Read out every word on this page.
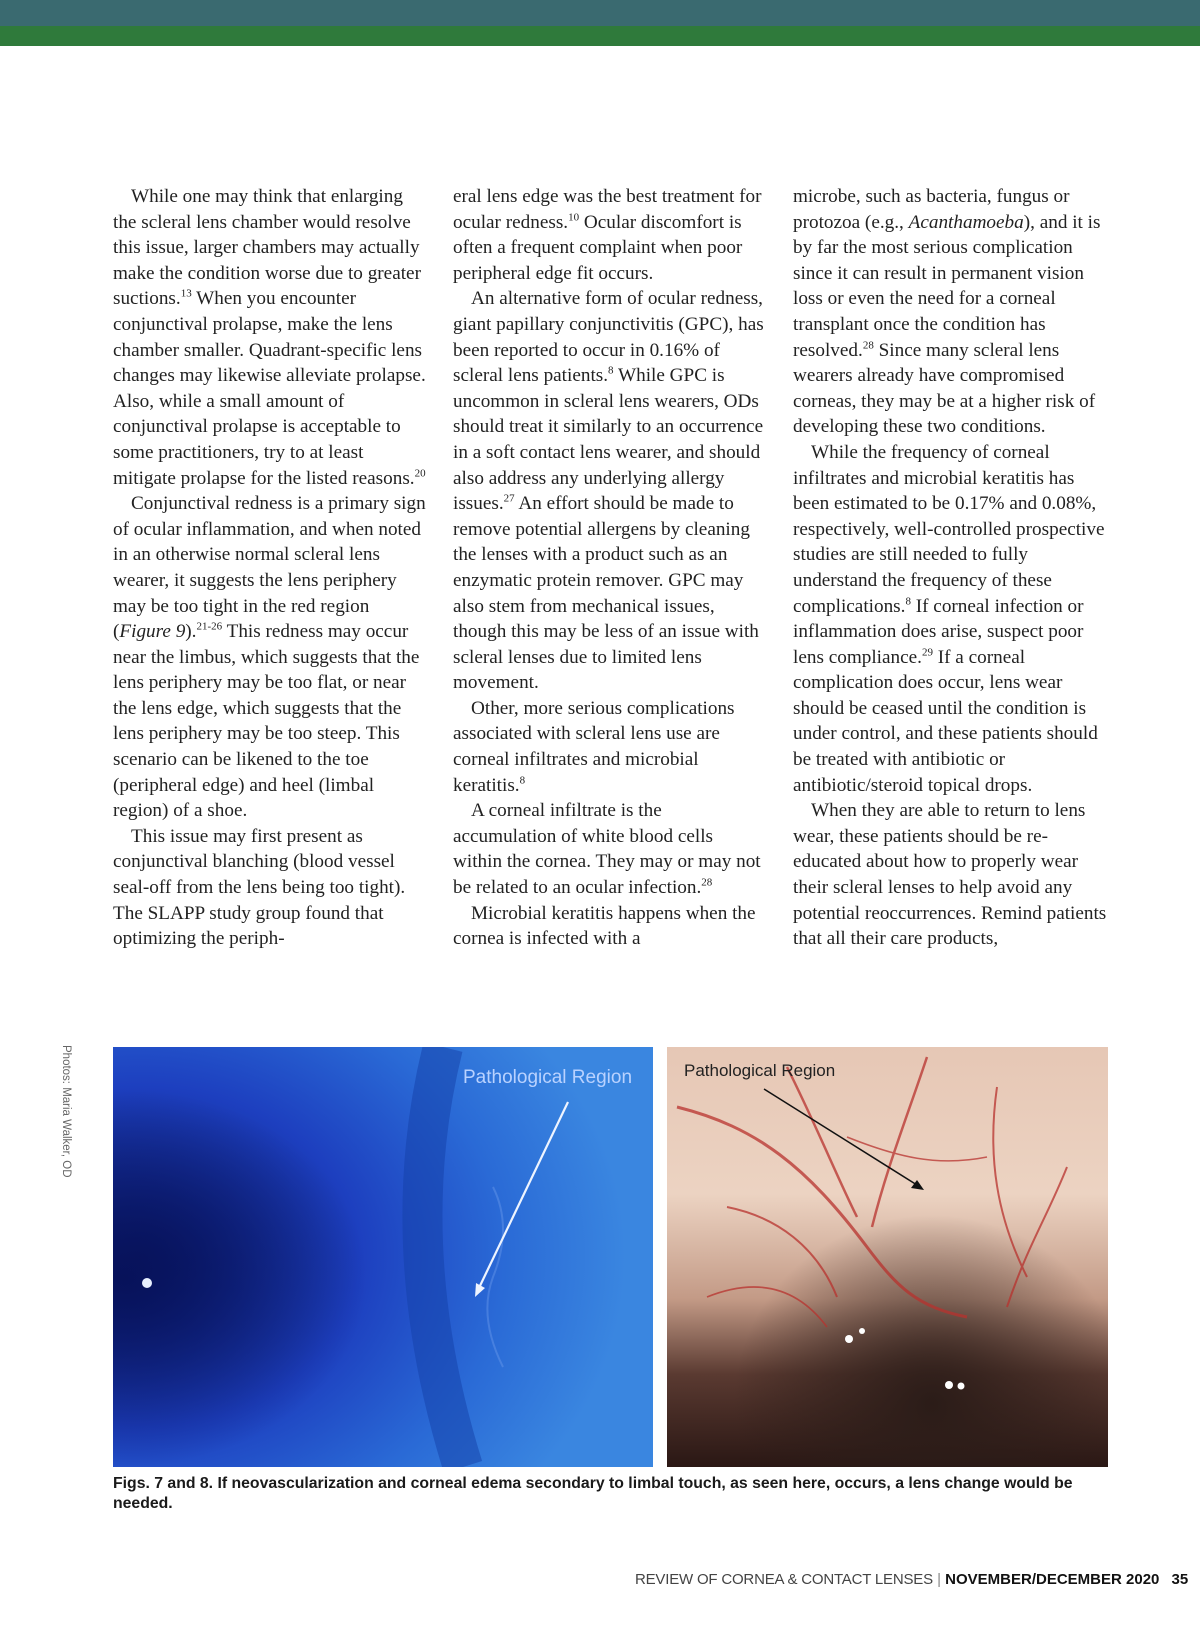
While one may think that enlarging the scleral lens chamber would resolve this issue, larger chambers may actually make the condition worse due to greater suctions.$^{13}$ When you encounter conjunctival prolapse, make the lens chamber smaller. Quadrant-specific lens changes may likewise alleviate prolapse. Also, while a small amount of conjunctival prolapse is acceptable to some practitioners, try to at least mitigate prolapse for the listed reasons.$^{20}$

Conjunctival redness is a primary sign of ocular inflammation, and when noted in an otherwise normal scleral lens wearer, it suggests the lens periphery may be too tight in the red region (Figure 9).$^{21-26}$ This redness may occur near the limbus, which suggests that the lens periphery may be too flat, or near the lens edge, which suggests that the lens periphery may be too steep. This scenario can be likened to the toe (peripheral edge) and heel (limbal region) of a shoe.

This issue may first present as conjunctival blanching (blood vessel seal-off from the lens being too tight). The SLAPP study group found that optimizing the periph-

eral lens edge was the best treatment for ocular redness.$^{10}$ Ocular discomfort is often a frequent complaint when poor peripheral edge fit occurs.

An alternative form of ocular redness, giant papillary conjunctivitis (GPC), has been reported to occur in 0.16% of scleral lens patients.$^8$ While GPC is uncommon in scleral lens wearers, ODs should treat it similarly to an occurrence in a soft contact lens wearer, and should also address any underlying allergy issues.$^{27}$ An effort should be made to remove potential allergens by cleaning the lenses with a product such as an enzymatic protein remover. GPC may also stem from mechanical issues, though this may be less of an issue with scleral lenses due to limited lens movement.

Other, more serious complications associated with scleral lens use are corneal infiltrates and microbial keratitis.$^8$

A corneal infiltrate is the accumulation of white blood cells within the cornea. They may or may not be related to an ocular infection.$^{28}$

Microbial keratitis happens when the cornea is infected with a

microbe, such as bacteria, fungus or protozoa (e.g., Acanthamoeba), and it is by far the most serious complication since it can result in permanent vision loss or even the need for a corneal transplant once the condition has resolved.$^{28}$ Since many scleral lens wearers already have compromised corneas, they may be at a higher risk of developing these two conditions.

While the frequency of corneal infiltrates and microbial keratitis has been estimated to be 0.17% and 0.08%, respectively, well-controlled prospective studies are still needed to fully understand the frequency of these complications.$^8$ If corneal infection or inflammation does arise, suspect poor lens compliance.$^{29}$ If a corneal complication does occur, lens wear should be ceased until the condition is under control, and these patients should be treated with antibiotic or antibiotic/steroid topical drops.

When they are able to return to lens wear, these patients should be re-educated about how to properly wear their scleral lenses to help avoid any potential reoccurrences. Remind patients that all their care products,

Photos: Maria Walker, OD	Pathological Region	Pathological Region
Figs. 7 and 8. If neovascularization and corneal edema secondary to limbal touch, as seen here, occurs, a lens change would be needed.
REVIEW OF CORNEA & CONTACT LENSES | NOVEMBER/DECEMBER 2020 35
